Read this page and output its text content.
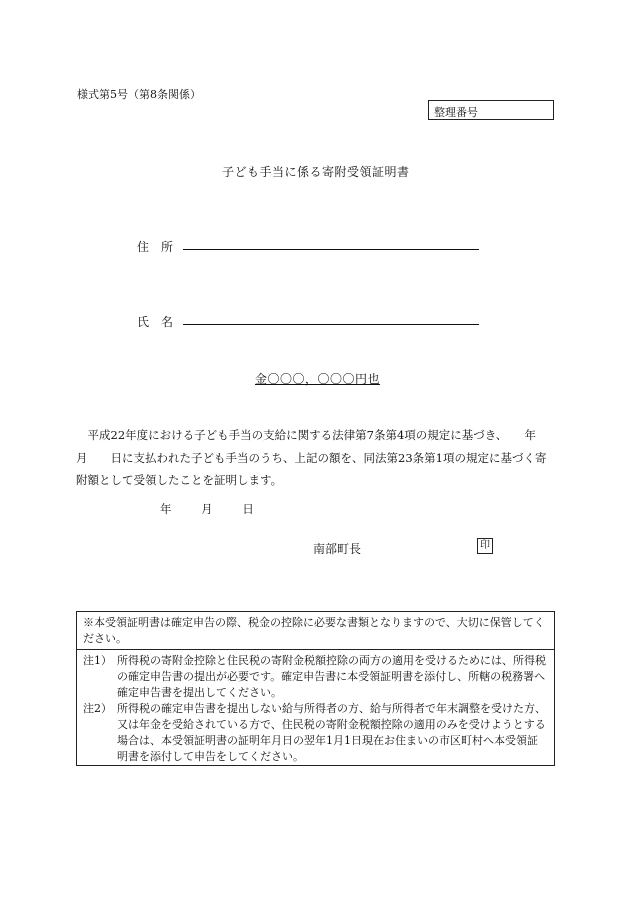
様式第5号（第8条関係）
整理番号
子ども手当に係る寄附受領証明書
住　所
氏　名
金〇〇〇，〇〇〇円也
　平成22年度における子ども手当の支給に関する法律第7条第4項の規定に基づき、　　年　　月　　日に支払われた子ども手当のうち、上記の額を、同法第23条第1項の規定に基づく寄附額として受領したことを証明します。
年	月	日
南部町長	印
※本受領証明書は確定申告の際、税金の控除に必要な書類となりますので、大切に保管してください。
注1） 所得税の寄附金控除と住民税の寄附金税額控除の両方の適用を受けるためには、所得税の確定申告書の提出が必要です。確定申告書に本受領証明書を添付し、所轄の税務署へ確定申告書を提出してください。
注2） 所得税の確定申告書を提出しない給与所得者の方、給与所得者で年末調整を受けた方、又は年金を受給されている方で、住民税の寄附金税額控除の適用のみを受けようとする場合は、本受領証明書の証明年月日の翌年1月1日現在お住まいの市区町村へ本受領証明書を添付して申告をしてください。
